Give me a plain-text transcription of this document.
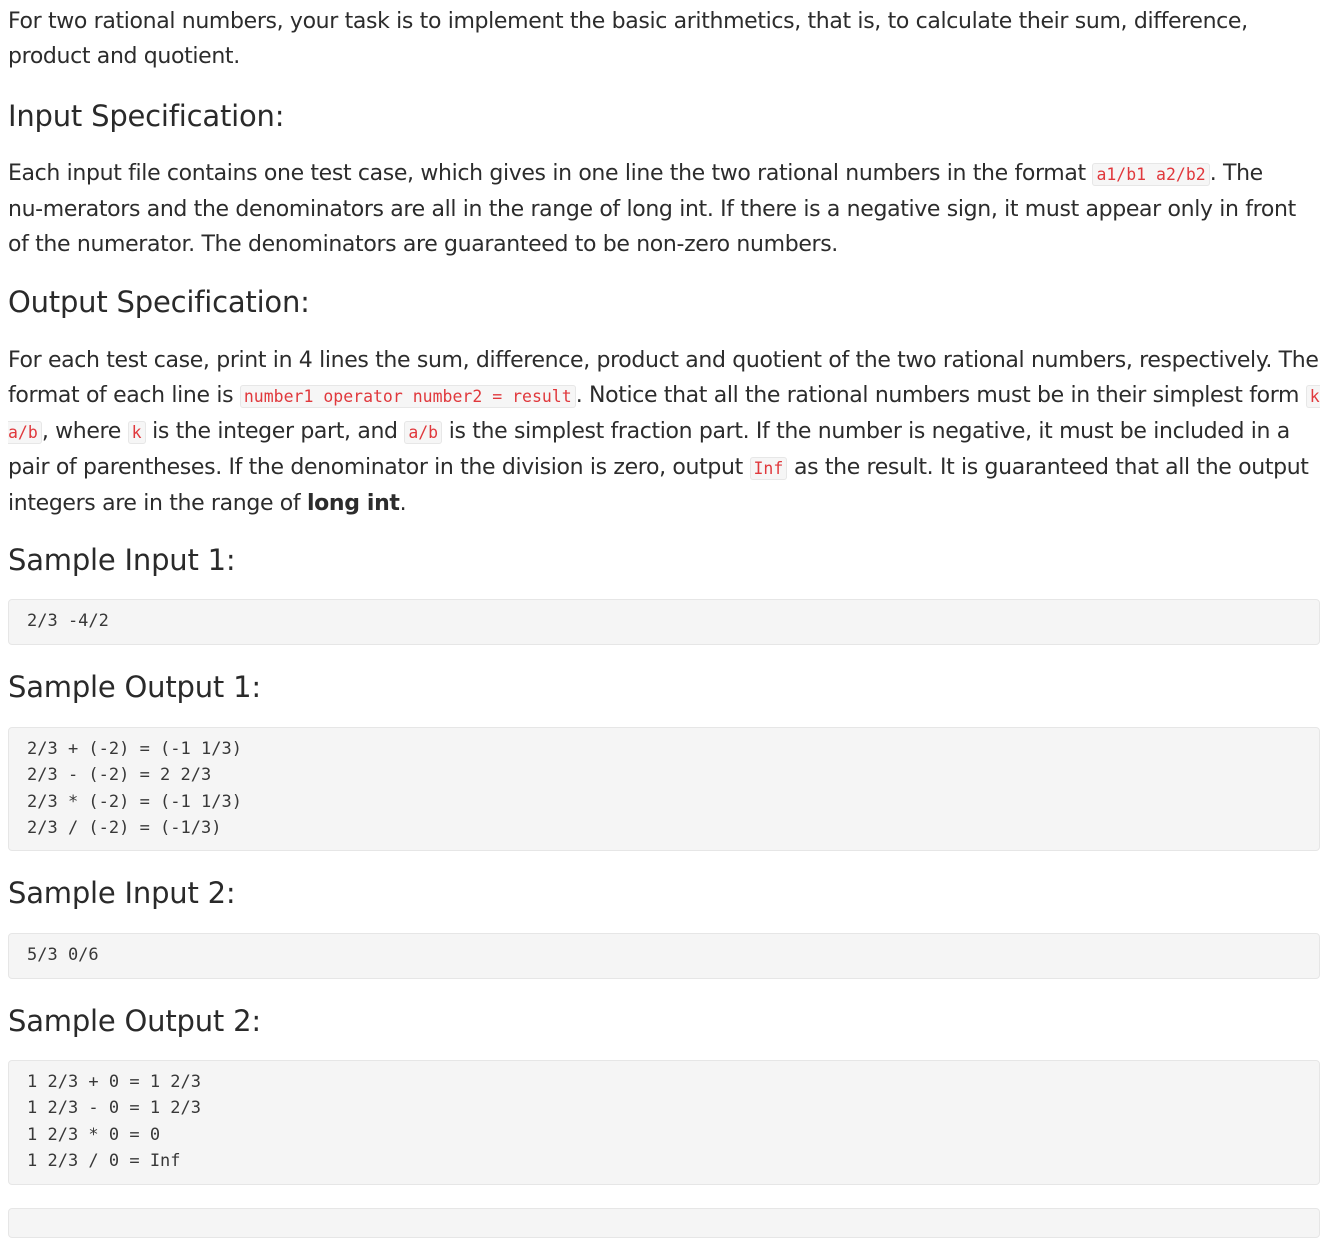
For two rational numbers, your task is to implement the basic arithmetics, that is, to calculate their sum, difference, product and quotient.

Input Specification:

Each input file contains one test case, which gives in one line the two rational numbers in the format a1/b1 a2/b2 . The nu‑merators and the denominators are all in the range of long int. If there is a negative sign, it must appear only in front of the numerator. The denominators are guaranteed to be non‑zero numbers.

Output Specification:

For each test case, print in 4 lines the sum, difference, product and quotient of the two rational numbers, respectively. The format of each line is number1 operator number2 = result . Notice that all the rational numbers must be in their simplest form k a/b , where k is the integer part, and a/b is the simplest fraction part. If the number is negative, it must be included in a pair of parentheses. If the denominator in the division is zero, output Inf as the result. It is guaranteed that all the output integers are in the range of long int.

Sample Input 1:
2/3 -4/2
Sample Output 1:
2/3 + (-2) = (-1 1/3)
2/3 - (-2) = 2 2/3
2/3 * (-2) = (-1 1/3)
2/3 / (-2) = (-1/3)
Sample Input 2:
5/3 0/6
Sample Output 2:
1 2/3 + 0 = 1 2/3
1 2/3 - 0 = 1 2/3
1 2/3 * 0 = 0
1 2/3 / 0 = Inf
